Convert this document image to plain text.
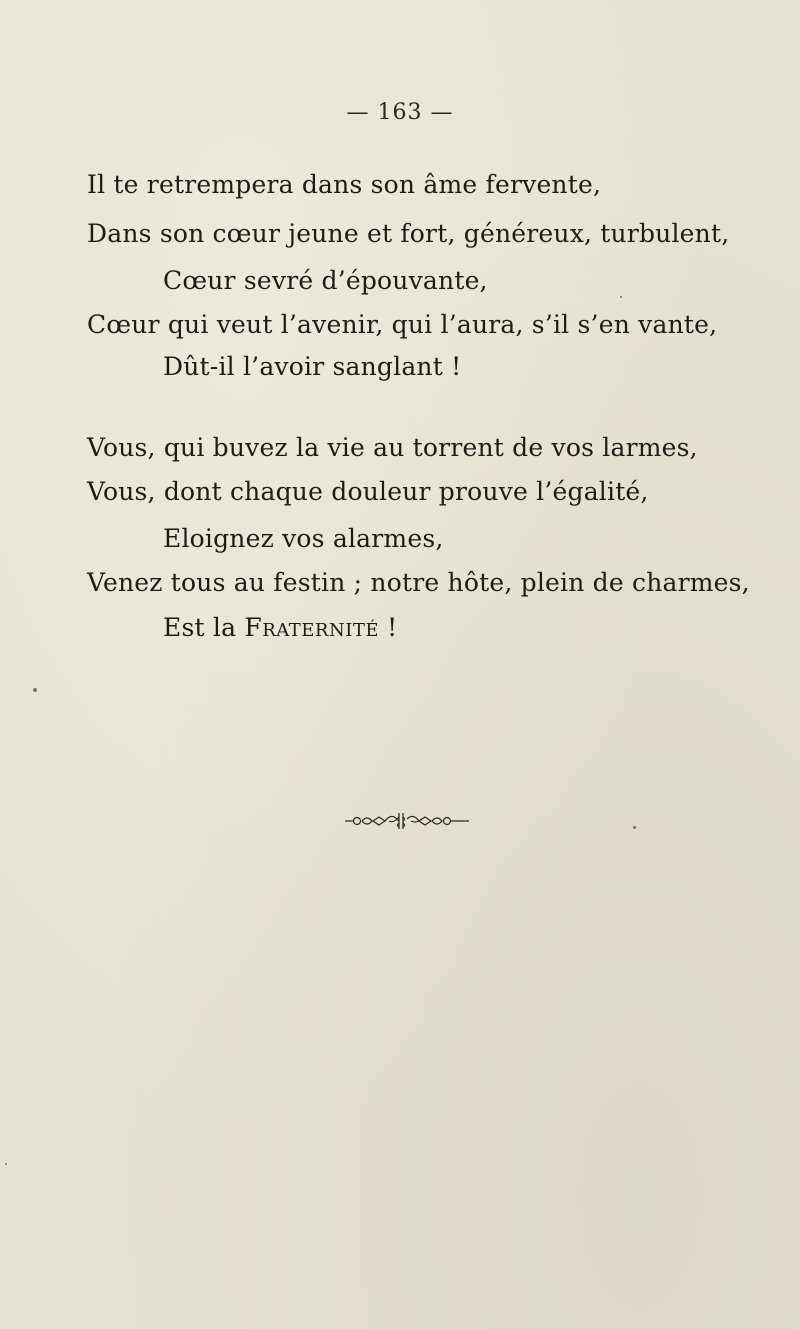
— 163 —
Il te retrempera dans son âme fervente,
Dans son cœur jeune et fort, généreux, turbulent,
Cœur sevré d’épouvante,
Cœur qui veut l’avenir, qui l’aura, s’il s’en vante,
Dût-il l’avoir sanglant !
Vous, qui buvez la vie au torrent de vos larmes,
Vous, dont chaque douleur prouve l’égalité,
Eloignez vos alarmes,
Venez tous au festin ; notre hôte, plein de charmes,
Est la Fraternité !
